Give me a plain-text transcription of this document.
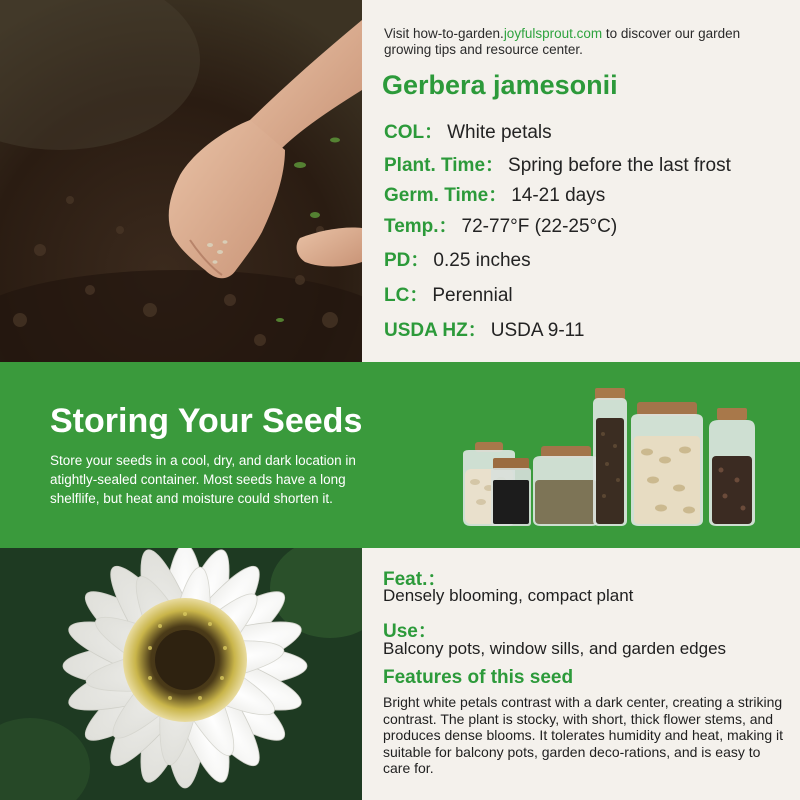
Visit how-to-garden.joyfulsprout.com to discover our garden growing tips and resource center.
Gerbera jamesonii
COL： White petals
Plant. Time： Spring before the last frost
Germ. Time： 14-21 days
Temp.： 72-77°F (22-25°C)
PD： 0.25 inches
LC： Perennial
USDA HZ： USDA 9-11
Storing Your Seeds
Store your seeds in a cool, dry, and dark location in atightly-sealed container. Most seeds have a long shelflife, but heat and moisture could shorten it.
Feat.：
Densely blooming, compact plant
Use：
Balcony pots, window sills, and garden edges
Features of this seed
Bright white petals contrast with a dark center, creating a striking contrast. The plant is stocky, with short, thick flower stems, and produces dense blooms. It tolerates humidity and heat, making it suitable for balcony pots, garden deco-rations, and is easy to care for.
